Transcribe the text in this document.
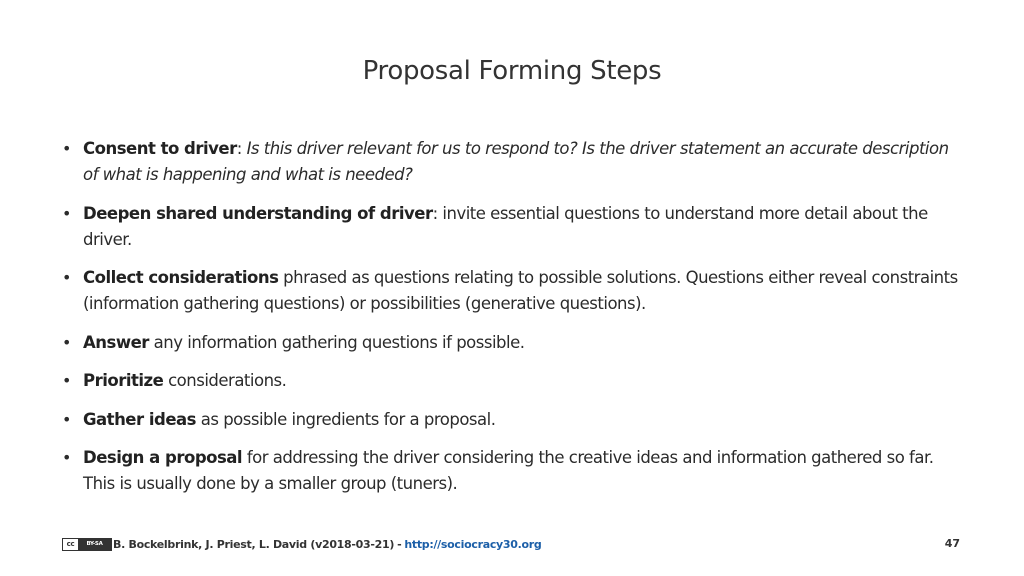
Proposal Forming Steps
• Consent to driver: Is this driver relevant for us to respond to? Is the driver statement an accurate description of what is happening and what is needed?
• Deepen shared understanding of driver: invite essential questions to understand more detail about the driver.
• Collect considerations phrased as questions relating to possible solutions. Questions either reveal constraints (information gathering questions) or possibilities (generative questions).
• Answer any information gathering questions if possible.
• Prioritize considerations.
• Gather ideas as possible ingredients for a proposal.
• Design a proposal for addressing the driver considering the creative ideas and information gathered so far. This is usually done by a smaller group (tuners).
cc	BY-SA B. Bockelbrink, J. Priest, L. David (v2018-03-21) - http://sociocracy30.org	47
